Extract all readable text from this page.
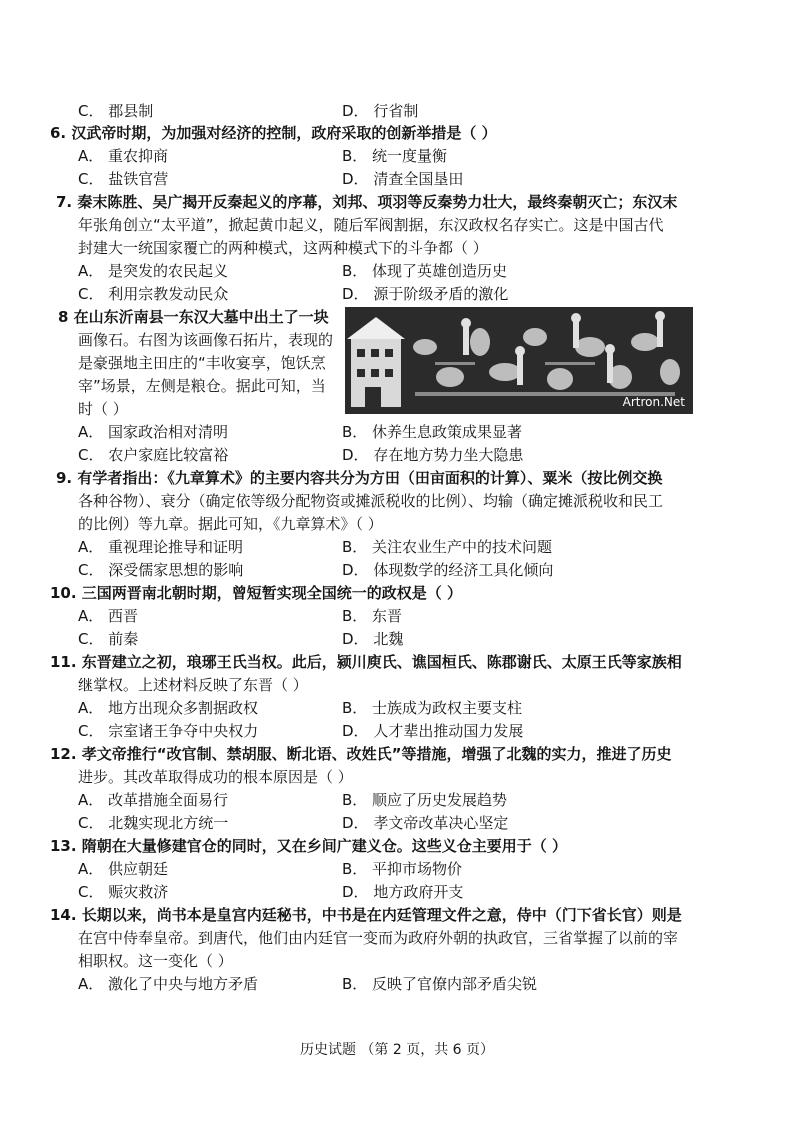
C． 郡县制	D． 行省制
6. 汉武帝时期，为加强对经济的控制，政府采取的创新举措是（ ）
A． 重农抑商	B． 统一度量衡
C． 盐铁官营	D． 清查全国垦田
7. 秦末陈胜、吴广揭开反秦起义的序幕，刘邦、项羽等反秦势力壮大，最终秦朝灭亡；东汉末
年张角创立“太平道”，掀起黄巾起义，随后军阀割据，东汉政权名存实亡。这是中国古代
封建大一统国家覆亡的两种模式，这两种模式下的斗争都（ ）
A． 是突发的农民起义	B． 体现了英雄创造历史
C． 利用宗教发动民众	D． 源于阶级矛盾的激化
8 在山东沂南县一东汉大墓中出土了一块
画像石。右图为该画像石拓片，表现的
是豪强地主田庄的“丰收宴享，饱饫烹
宰”场景，左侧是粮仓。据此可知，当
时（ ）
A． 国家政治相对清明	B． 休养生息政策成果显著
C． 农户家庭比较富裕	D． 存在地方势力坐大隐患
9. 有学者指出：《九章算术》的主要内容共分为方田（田亩面积的计算）、粟米（按比例交换
各种谷物）、衰分（确定依等级分配物资或摊派税收的比例）、均输（确定摊派税收和民工
的比例）等九章。据此可知，《九章算术》（ ）
A． 重视理论推导和证明	B． 关注农业生产中的技术问题
C． 深受儒家思想的影响	D． 体现数学的经济工具化倾向
10. 三国两晋南北朝时期，曾短暂实现全国统一的政权是（ ）
A． 西晋	B． 东晋
C． 前秦	D． 北魏
11. 东晋建立之初，琅琊王氏当权。此后，颍川庾氏、谯国桓氏、陈郡谢氏、太原王氏等家族相
继掌权。上述材料反映了东晋（ ）
A． 地方出现众多割据政权	B． 士族成为政权主要支柱
C． 宗室诸王争夺中央权力	D． 人才辈出推动国力发展
12. 孝文帝推行“改官制、禁胡服、断北语、改姓氏”等措施，增强了北魏的实力，推进了历史
进步。其改革取得成功的根本原因是（ ）
A． 改革措施全面易行	B． 顺应了历史发展趋势
C． 北魏实现北方统一	D． 孝文帝改革决心坚定
13. 隋朝在大量修建官仓的同时，又在乡间广建义仓。这些义仓主要用于（ ）
A． 供应朝廷	B． 平抑市场物价
C． 赈灾救济	D． 地方政府开支
14. 长期以来，尚书本是皇宫内廷秘书，中书是在内廷管理文件之意，侍中（门下省长官）则是
在宫中侍奉皇帝。到唐代，他们由内廷官一变而为政府外朝的执政官，三省掌握了以前的宰
相职权。这一变化（ ）
A． 激化了中央与地方矛盾	B． 反映了官僚内部矛盾尖锐
Artron.Net
历史试题 （第 2 页，共 6 页）
